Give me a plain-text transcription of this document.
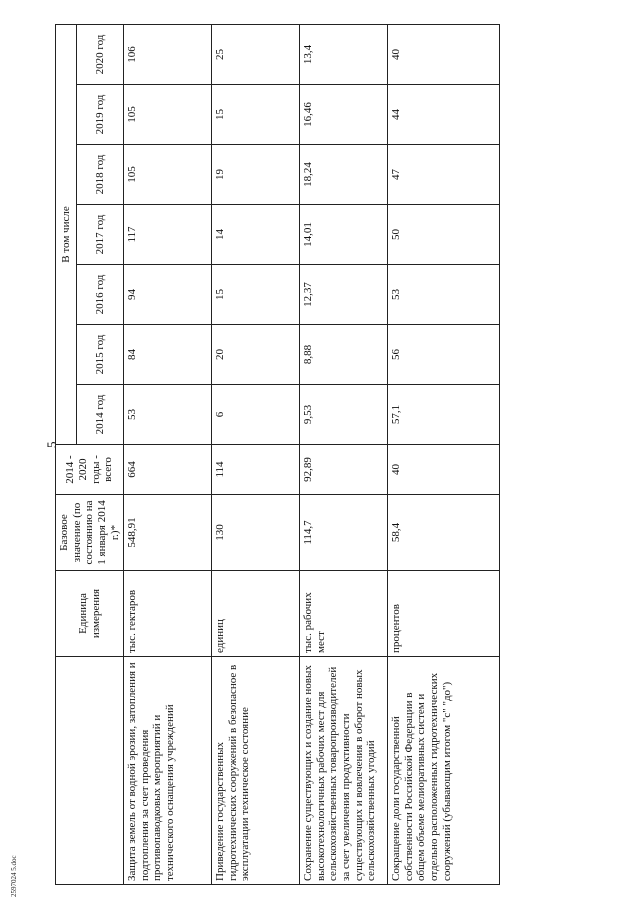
5
2597024 5.doc
	Единица измерения	Базовое значение (по состоянию на 1 января 2014 г.)*	2014 - 2020 годы - всего	В том числе						
				2014 год	2015 год	2016 год	2017 год	2018 год	2019 год	2020 год
Защита земель от водной эрозии, затопления и подтопления за счет проведения противопаводковых мероприятий и технического оснащения учреждений	тыс. гектаров	548,91	664	53	84	94	117	105	105	106
Приведение государственных гидротехнических сооружений в безопасное в эксплуатации техническое состояние	единиц	130	114	6	20	15	14	19	15	25
Сохранение существующих и создание новых высокотехнологичных рабочих мест для сельскохозяйственных товаропроизводителей за счет увеличения продуктивности существующих и вовлечения в оборот новых сельскохозяйственных угодий	тыс. рабочих мест	114,7	92,89	9,53	8,88	12,37	14,01	18,24	16,46	13,4
Сокращение доли государственной собственности Российской Федерации в общем объеме мелиоративных систем и отдельно расположенных гидротехнических сооружений (убывающим итогом "с" "до")	процентов	58,4	40	57,1	56	53	50	47	44	40
